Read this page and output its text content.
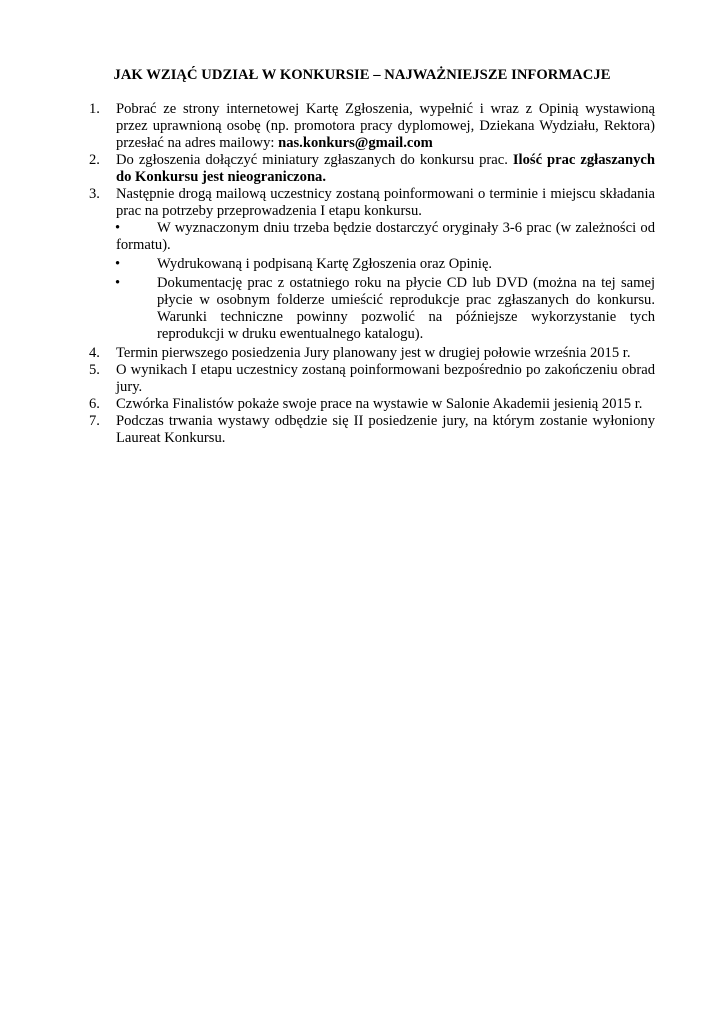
JAK WZIĄĆ UDZIAŁ W KONKURSIE – NAJWAŻNIEJSZE INFORMACJE
1.	Pobrać ze strony internetowej Kartę Zgłoszenia, wypełnić i wraz z Opinią wystawioną przez uprawnioną osobę (np. promotora pracy dyplomowej, Dziekana Wydziału, Rektora) przesłać na adres mailowy: nas.konkurs@gmail.com
2.	Do zgłoszenia dołączyć miniatury zgłaszanych do konkursu prac. Ilość prac zgłaszanych do Konkursu jest nieograniczona.
3.	Następnie drogą mailową uczestnicy zostaną poinformowani o terminie i miejscu składania prac na potrzeby przeprowadzenia I etapu konkursu.
•	W wyznaczonym dniu trzeba będzie dostarczyć oryginały 3-6 prac (w zależności od formatu).
•	Wydrukowaną i podpisaną Kartę Zgłoszenia oraz Opinię.
•	Dokumentację prac z ostatniego roku na płycie CD lub DVD (można na tej samej płycie w osobnym folderze umieścić reprodukcje prac zgłaszanych do konkursu. Warunki techniczne powinny pozwolić na późniejsze wykorzystanie tych reprodukcji w druku ewentualnego katalogu).
4.	Termin pierwszego posiedzenia Jury planowany jest w drugiej połowie września 2015 r.
5.	O wynikach I etapu uczestnicy zostaną poinformowani bezpośrednio po zakończeniu obrad jury.
6.	Czwórka Finalistów pokaże swoje prace na wystawie w Salonie Akademii jesienią 2015 r.
7.	Podczas trwania wystawy odbędzie się II posiedzenie jury, na którym zostanie wyłoniony Laureat Konkursu.
